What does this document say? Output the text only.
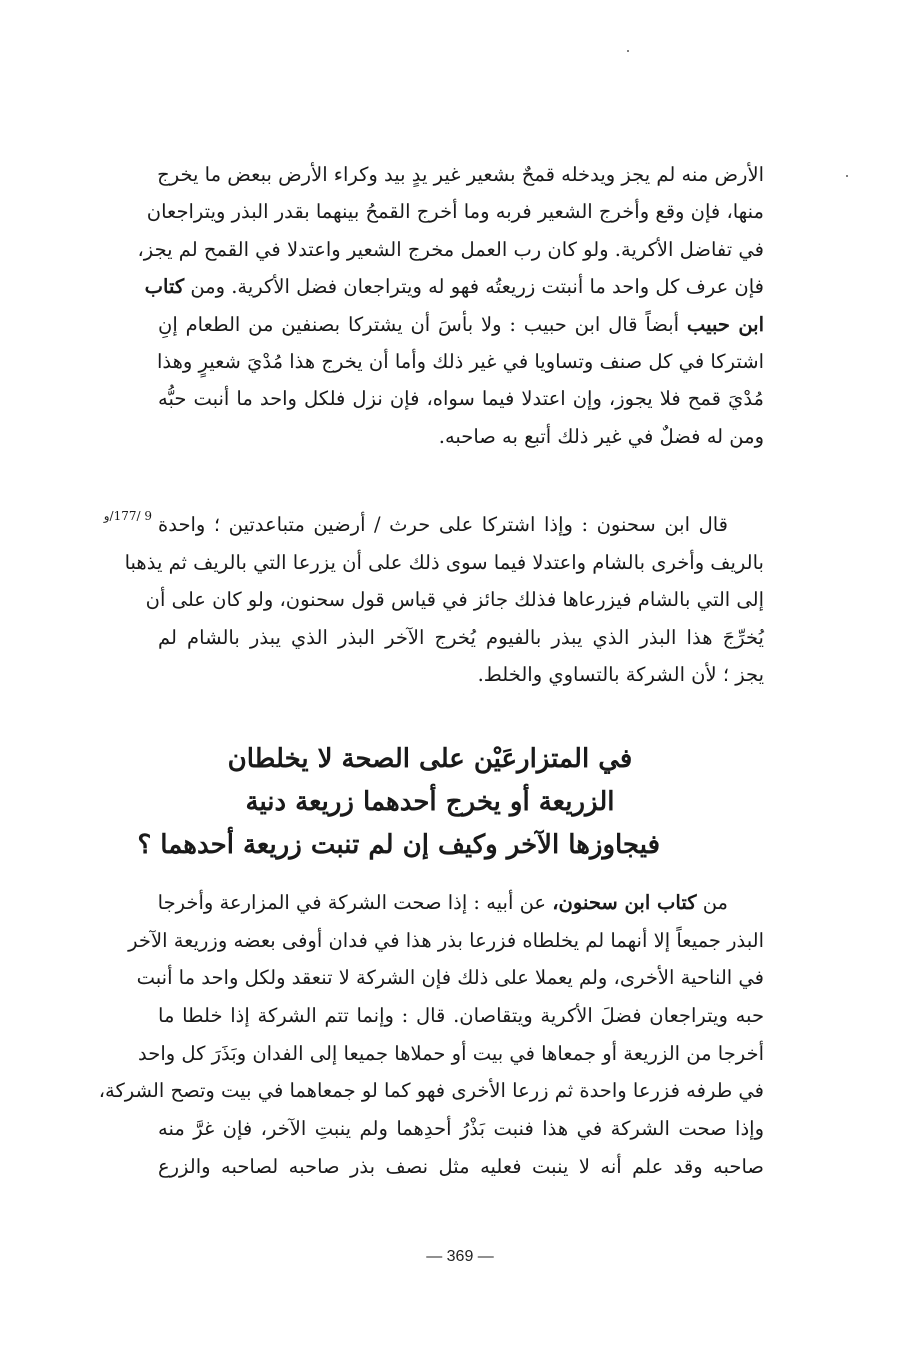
الأرض منه لم يجز ويدخله قمحٌ بشعير غير يدٍ بيد وكراء الأرض ببعض ما يخرج
منها، فإن وقع وأخرج الشعير فربه وما أخرج القمحُ بينهما بقدر البذر ويتراجعان
في تفاضل الأكرية. ولو كان رب العمل مخرج الشعير واعتدلا في القمح لم يجز،
فإن عرف كل واحد ما أنبتت زريعتُه فهو له ويتراجعان فضل الأكرية. ومن كتاب
ابن حبيب أبضاً قال ابن حبيب : ولا بأسَ أن يشتركا بصنفين من الطعام إنِ
اشتركا في كل صنف وتساويا في غير ذلك وأما أن يخرج هذا مُدْيَ شعيرٍ وهذا
مُدْيَ قمح فلا يجوز، وإن اعتدلا فيما سواه، فإن نزل فلكل واحد ما أنبت حبُّه
ومن له فضلٌ في غير ذلك أتبع به صاحبه.
9 /177/و قال ابن سحنون : وإذا اشتركا على حرث / أرضين متباعدتين ؛ واحدة
بالريف وأخرى بالشام واعتدلا فيما سوى ذلك على أن يزرعا التي بالريف ثم يذهبا
إلى التي بالشام فيزرعاها فذلك جائز في قياس قول سحنون، ولو كان على أن
يُخرِّجَ هذا البذر الذي يبذر بالفيوم يُخرج الآخر البذر الذي يبذر بالشام لم
يجز ؛ لأن الشركة بالتساوي والخلط.
في المتزارعَيْن على الصحة لا يخلطان
الزريعة أو يخرج أحدهما زريعة دنية
فيجاوزها الآخر وكيف إن لم تنبت زريعة أحدهما ؟
من كتاب ابن سحنون، عن أبيه : إذا صحت الشركة في المزارعة وأخرجا
البذر جميعاً إلا أنهما لم يخلطاه فزرعا بذر هذا في فدان أوفى بعضه وزريعة الآخر
في الناحية الأخرى، ولم يعملا على ذلك فإن الشركة لا تنعقد ولكل واحد ما أنبت
حبه ويتراجعان فضلَ الأكرية ويتقاصان. قال : وإنما تتم الشركة إذا خلطا ما
أخرجا من الزريعة أو جمعاها في بيت أو حملاها جميعا إلى الفدان وبَذَرَ كل واحد
في طرفه فزرعا واحدة ثم زرعا الأخرى فهو كما لو جمعاهما في بيت وتصح الشركة،
وإذا صحت الشركة في هذا فنبت بَذْرُ أحدِهما ولم ينبتِ الآخر، فإن غرَّ منه
صاحبه وقد علم أنه لا ينبت فعليه مثل نصف بذر صاحبه لصاحبه والزرع
— 369 —
